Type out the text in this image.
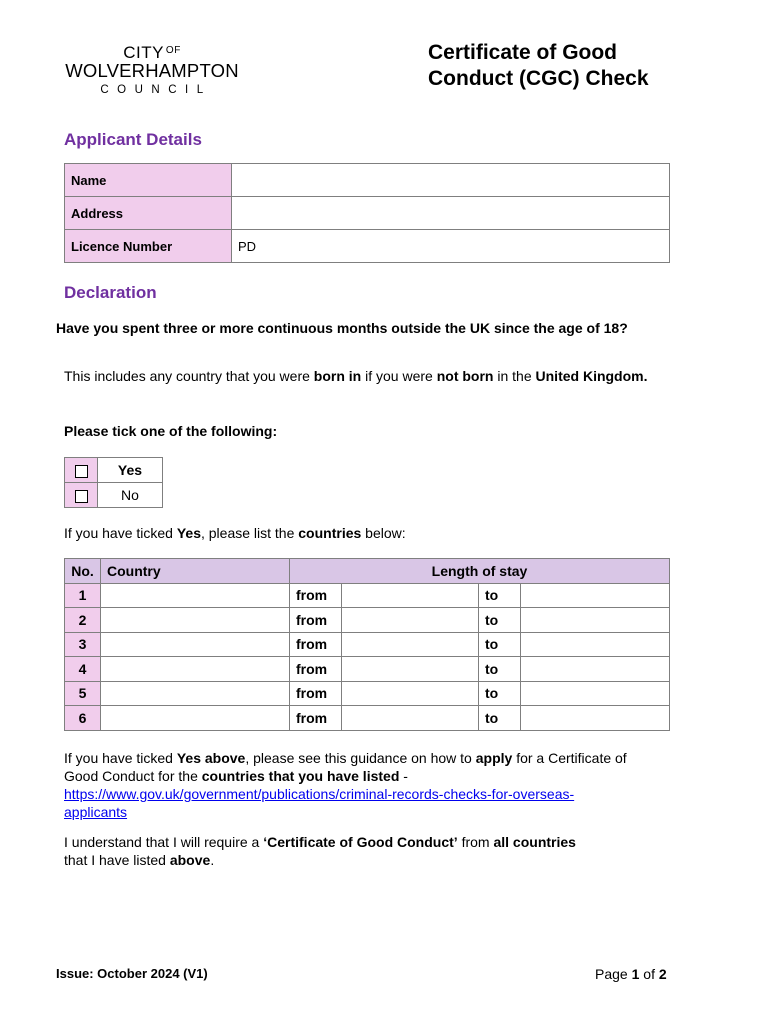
CITY $^{OF}$
WOLVERHAMPTON
COUNCIL
Certificate of Good
Conduct (CGC) Check
Applicant Details
Name	
Address	
Licence Number	PD
Declaration
Have you spent three or more continuous months outside the UK since the age of 18?
This includes any country that you were born in if you were not born in the United Kingdom.
Please tick one of the following:
	Yes
	No
If you have ticked Yes, please list the countries below:
No.	Country	Length of stay			
1		from		to	
2		from		to	
3		from		to	
4		from		to	
5		from		to	
6		from		to	
If you have ticked Yes above, please see this guidance on how to apply for a Certificate of Good Conduct for the countries that you have listed -
https://www.gov.uk/government/publications/criminal-records-checks-for-overseas-
applicants
I understand that I will require a ‘Certificate of Good Conduct’ from all countries
that I have listed above.
Issue: October 2024 (V1)	Page 1 of 2
